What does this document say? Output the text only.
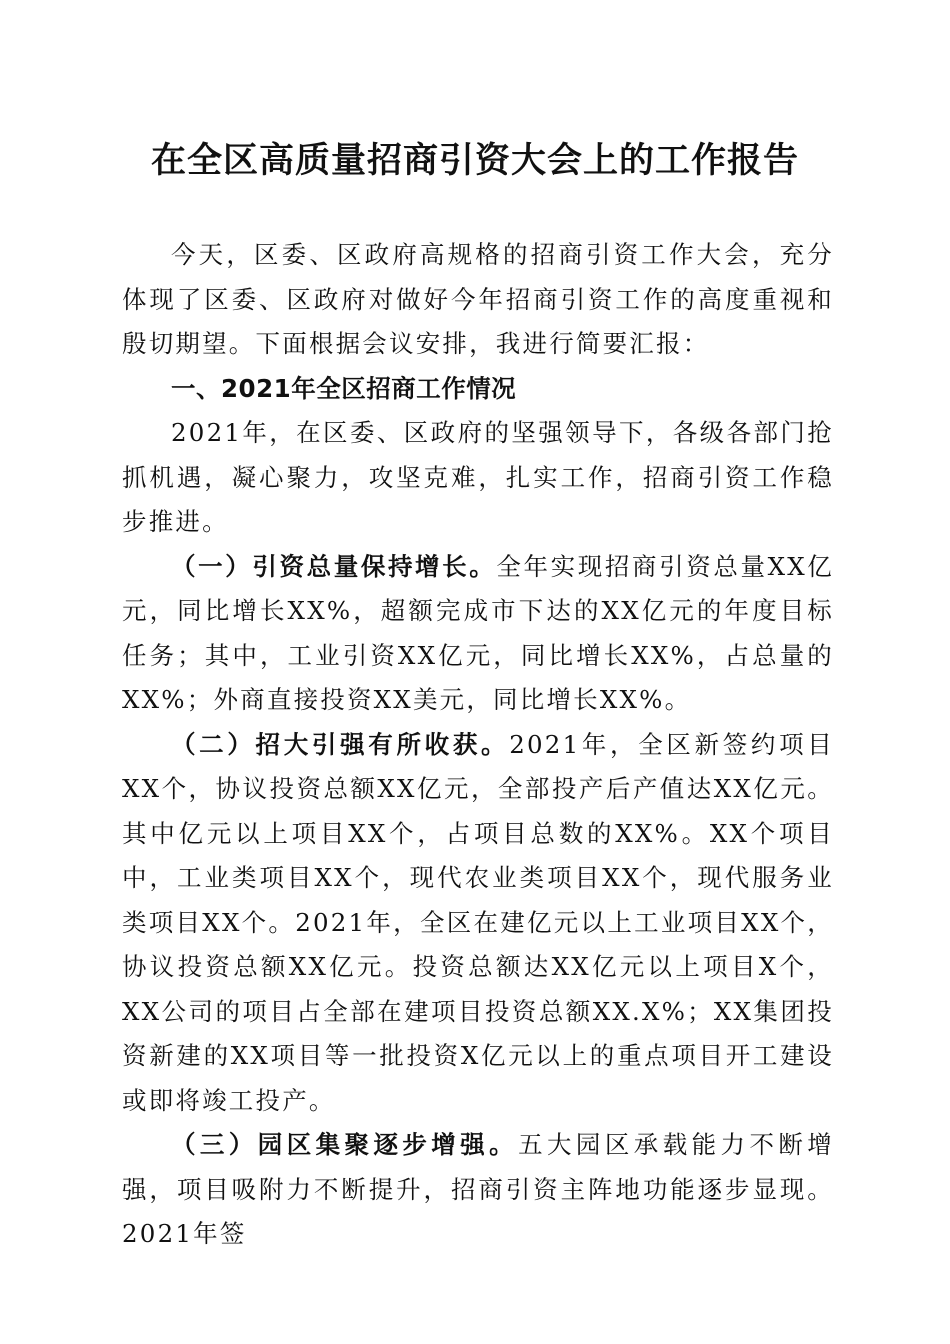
在全区高质量招商引资大会上的工作报告

今天，区委、区政府高规格的招商引资工作大会，充分体现了区委、区政府对做好今年招商引资工作的高度重视和殷切期望。下面根据会议安排，我进行简要汇报：

一、2021年全区招商工作情况

2021年，在区委、区政府的坚强领导下，各级各部门抢抓机遇，凝心聚力，攻坚克难，扎实工作，招商引资工作稳步推进。

（一）引资总量保持增长。全年实现招商引资总量XX亿元，同比增长XX%，超额完成市下达的XX亿元的年度目标任务；其中，工业引资XX亿元，同比增长XX%，占总量的XX%；外商直接投资XX美元，同比增长XX%。

（二）招大引强有所收获。2021年，全区新签约项目XX个，协议投资总额XX亿元，全部投产后产值达XX亿元。其中亿元以上项目XX个，占项目总数的XX%。XX个项目中，工业类项目XX个，现代农业类项目XX个，现代服务业类项目XX个。2021年，全区在建亿元以上工业项目XX个，协议投资总额XX亿元。投资总额达XX亿元以上项目X个，XX公司的项目占全部在建项目投资总额XX.X%；XX集团投资新建的XX项目等一批投资X亿元以上的重点项目开工建设或即将竣工投产。

（三）园区集聚逐步增强。五大园区承载能力不断增强，项目吸附力不断提升，招商引资主阵地功能逐步显现。2021年签
